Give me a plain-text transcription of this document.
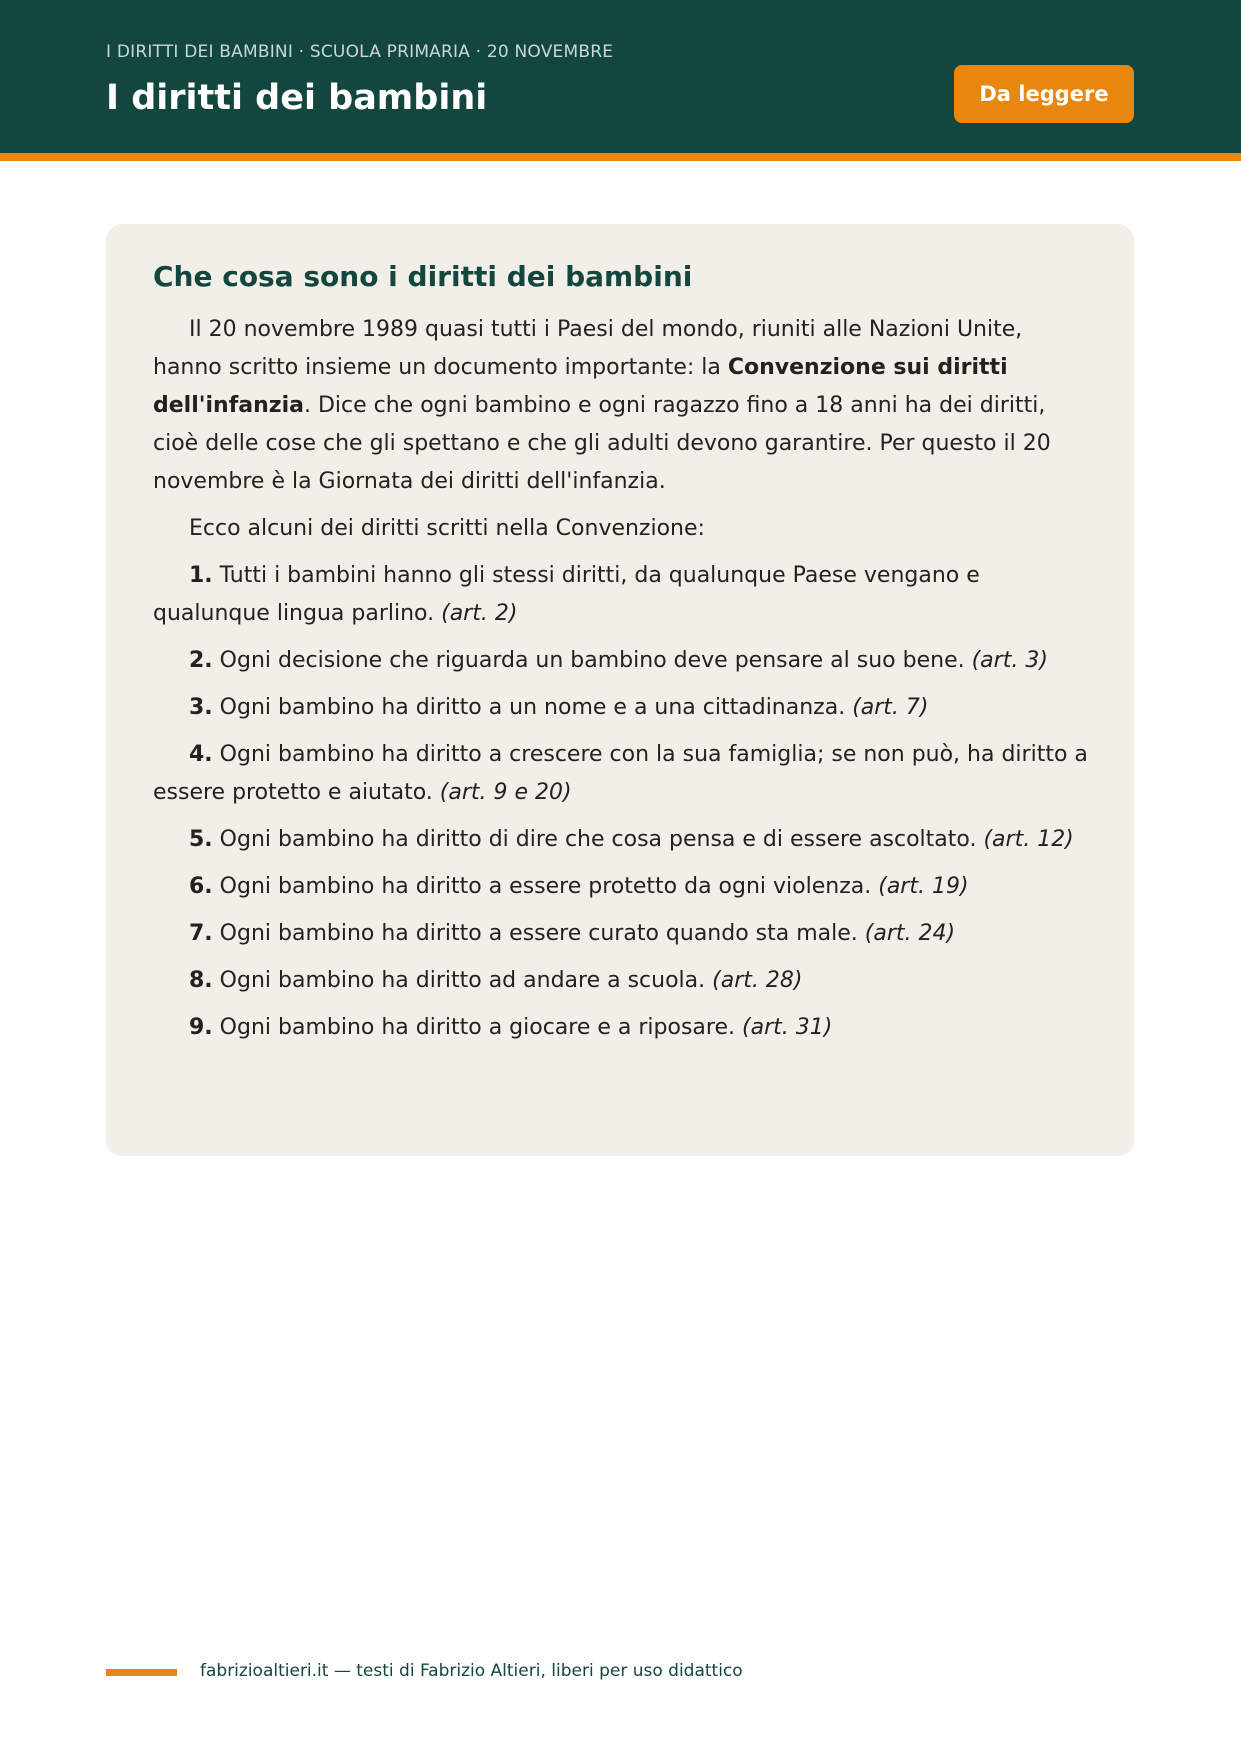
I DIRITTI DEI BAMBINI · SCUOLA PRIMARIA · 20 NOVEMBRE
I diritti dei bambini	Da leggere
Che cosa sono i diritti dei bambini

Il 20 novembre 1989 quasi tutti i Paesi del mondo, riuniti alle Nazioni Unite, hanno scritto insieme un documento importante: la Convenzione sui diritti dell'infanzia. Dice che ogni bambino e ogni ragazzo fino a 18 anni ha dei diritti, cioè delle cose che gli spettano e che gli adulti devono garantire. Per questo il 20 novembre è la Giornata dei diritti dell'infanzia.

Ecco alcuni dei diritti scritti nella Convenzione:

1. Tutti i bambini hanno gli stessi diritti, da qualunque Paese vengano e qualunque lingua parlino. (art. 2)

2. Ogni decisione che riguarda un bambino deve pensare al suo bene. (art. 3)

3. Ogni bambino ha diritto a un nome e a una cittadinanza. (art. 7)

4. Ogni bambino ha diritto a crescere con la sua famiglia; se non può, ha diritto a essere protetto e aiutato. (art. 9 e 20)

5. Ogni bambino ha diritto di dire che cosa pensa e di essere ascoltato. (art. 12)

6. Ogni bambino ha diritto a essere protetto da ogni violenza. (art. 19)

7. Ogni bambino ha diritto a essere curato quando sta male. (art. 24)

8. Ogni bambino ha diritto ad andare a scuola. (art. 28)

9. Ogni bambino ha diritto a giocare e a riposare. (art. 31)

fabrizioaltieri.it — testi di Fabrizio Altieri, liberi per uso didattico
